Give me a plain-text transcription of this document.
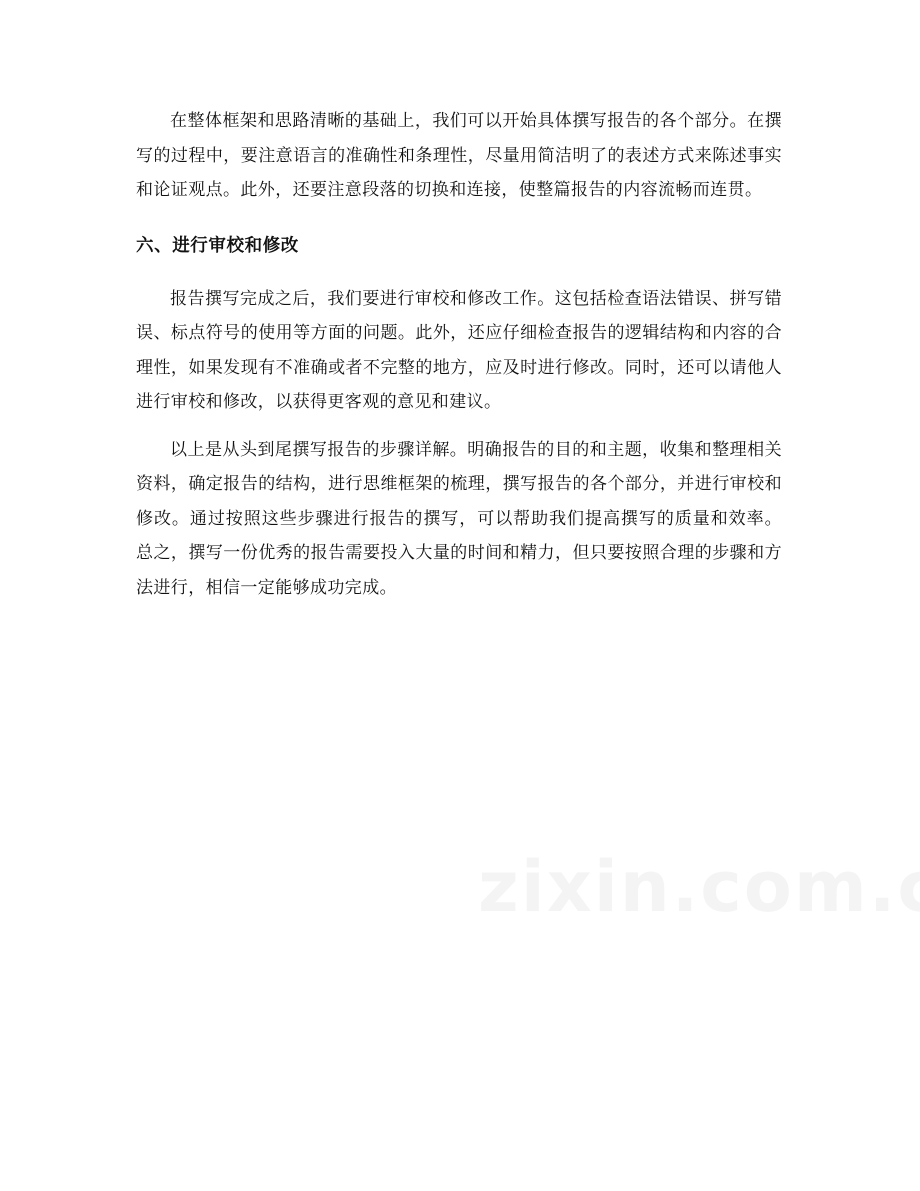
在整体框架和思路清晰的基础上，我们可以开始具体撰写报告的各个部分。在撰写的过程中，要注意语言的准确性和条理性，尽量用简洁明了的表述方式来陈述事实和论证观点。此外，还要注意段落的切换和连接，使整篇报告的内容流畅而连贯。

六、进行审校和修改

报告撰写完成之后，我们要进行审校和修改工作。这包括检查语法错误、拼写错误、标点符号的使用等方面的问题。此外，还应仔细检查报告的逻辑结构和内容的合理性，如果发现有不准确或者不完整的地方，应及时进行修改。同时，还可以请他人进行审校和修改，以获得更客观的意见和建议。

以上是从头到尾撰写报告的步骤详解。明确报告的目的和主题，收集和整理相关资料，确定报告的结构，进行思维框架的梳理，撰写报告的各个部分，并进行审校和修改。通过按照这些步骤进行报告的撰写，可以帮助我们提高撰写的质量和效率。 总之，撰写一份优秀的报告需要投入大量的时间和精力，但只要按照合理的步骤和方法进行，相信一定能够成功完成。
